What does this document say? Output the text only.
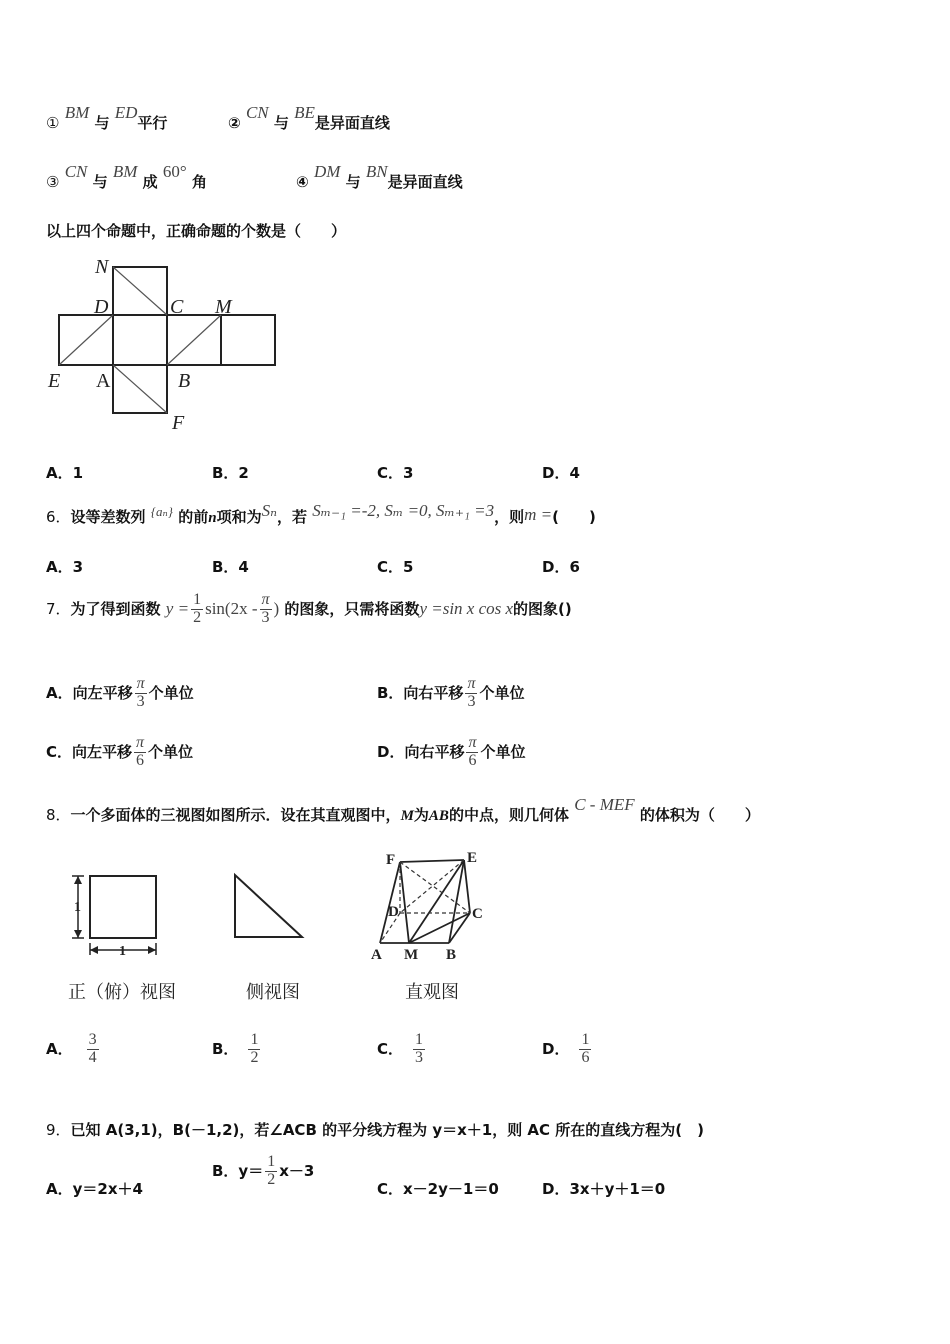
① BM 与 ED平行	② CN 与 BE是异面直线
③ CN 与 BM 成 60° 角	④ DM 与 BN是异面直线
以上四个命题中，正确命题的个数是（　　）
N
D	C M
E A	B
F
A．1	B．2	C．3	D．4
6．设等差数列 {aₙ} 的前n项和为Sₙ，若 Sₘ₋₁ =-2, Sₘ =0, Sₘ₊₁ =3，则m =(　　)
A．3	B．4	C．5	D．6
7．为了得到函数 $y = \frac{1}{2} \sin(2x - \frac{\pi}{3}$ ) 的图象，只需将函数y =sin x cos x的图象()
A．向左平移 $\frac{\pi}{3}$ 个单位	B．向右平移 $\frac{\pi}{3}$ 个单位
C．向左平移 $\frac{\pi}{6}$ 个单位	D．向右平移 $\frac{\pi}{6}$ 个单位
8．一个多面体的三视图如图所示．设在其直观图中，M为AB的中点，则几何体 C - MEF 的体积为（　　）
1
1
正（俯）视图	侧视图
F	E
D	C
A M B
直观图
A． $\frac{3}{4}$	B． $\frac{1}{2}$	C． $\frac{1}{3}$	D． $\frac{1}{6}$
9．已知 A(3,1)，B(－1,2)，若∠ACB 的平分线方程为 y＝x＋1，则 AC 所在的直线方程为(　)
A．y＝2x＋4
B．$y= \frac{1}{2} x-3$
C．x－2y－1＝0	D．3x＋y＋1＝0
